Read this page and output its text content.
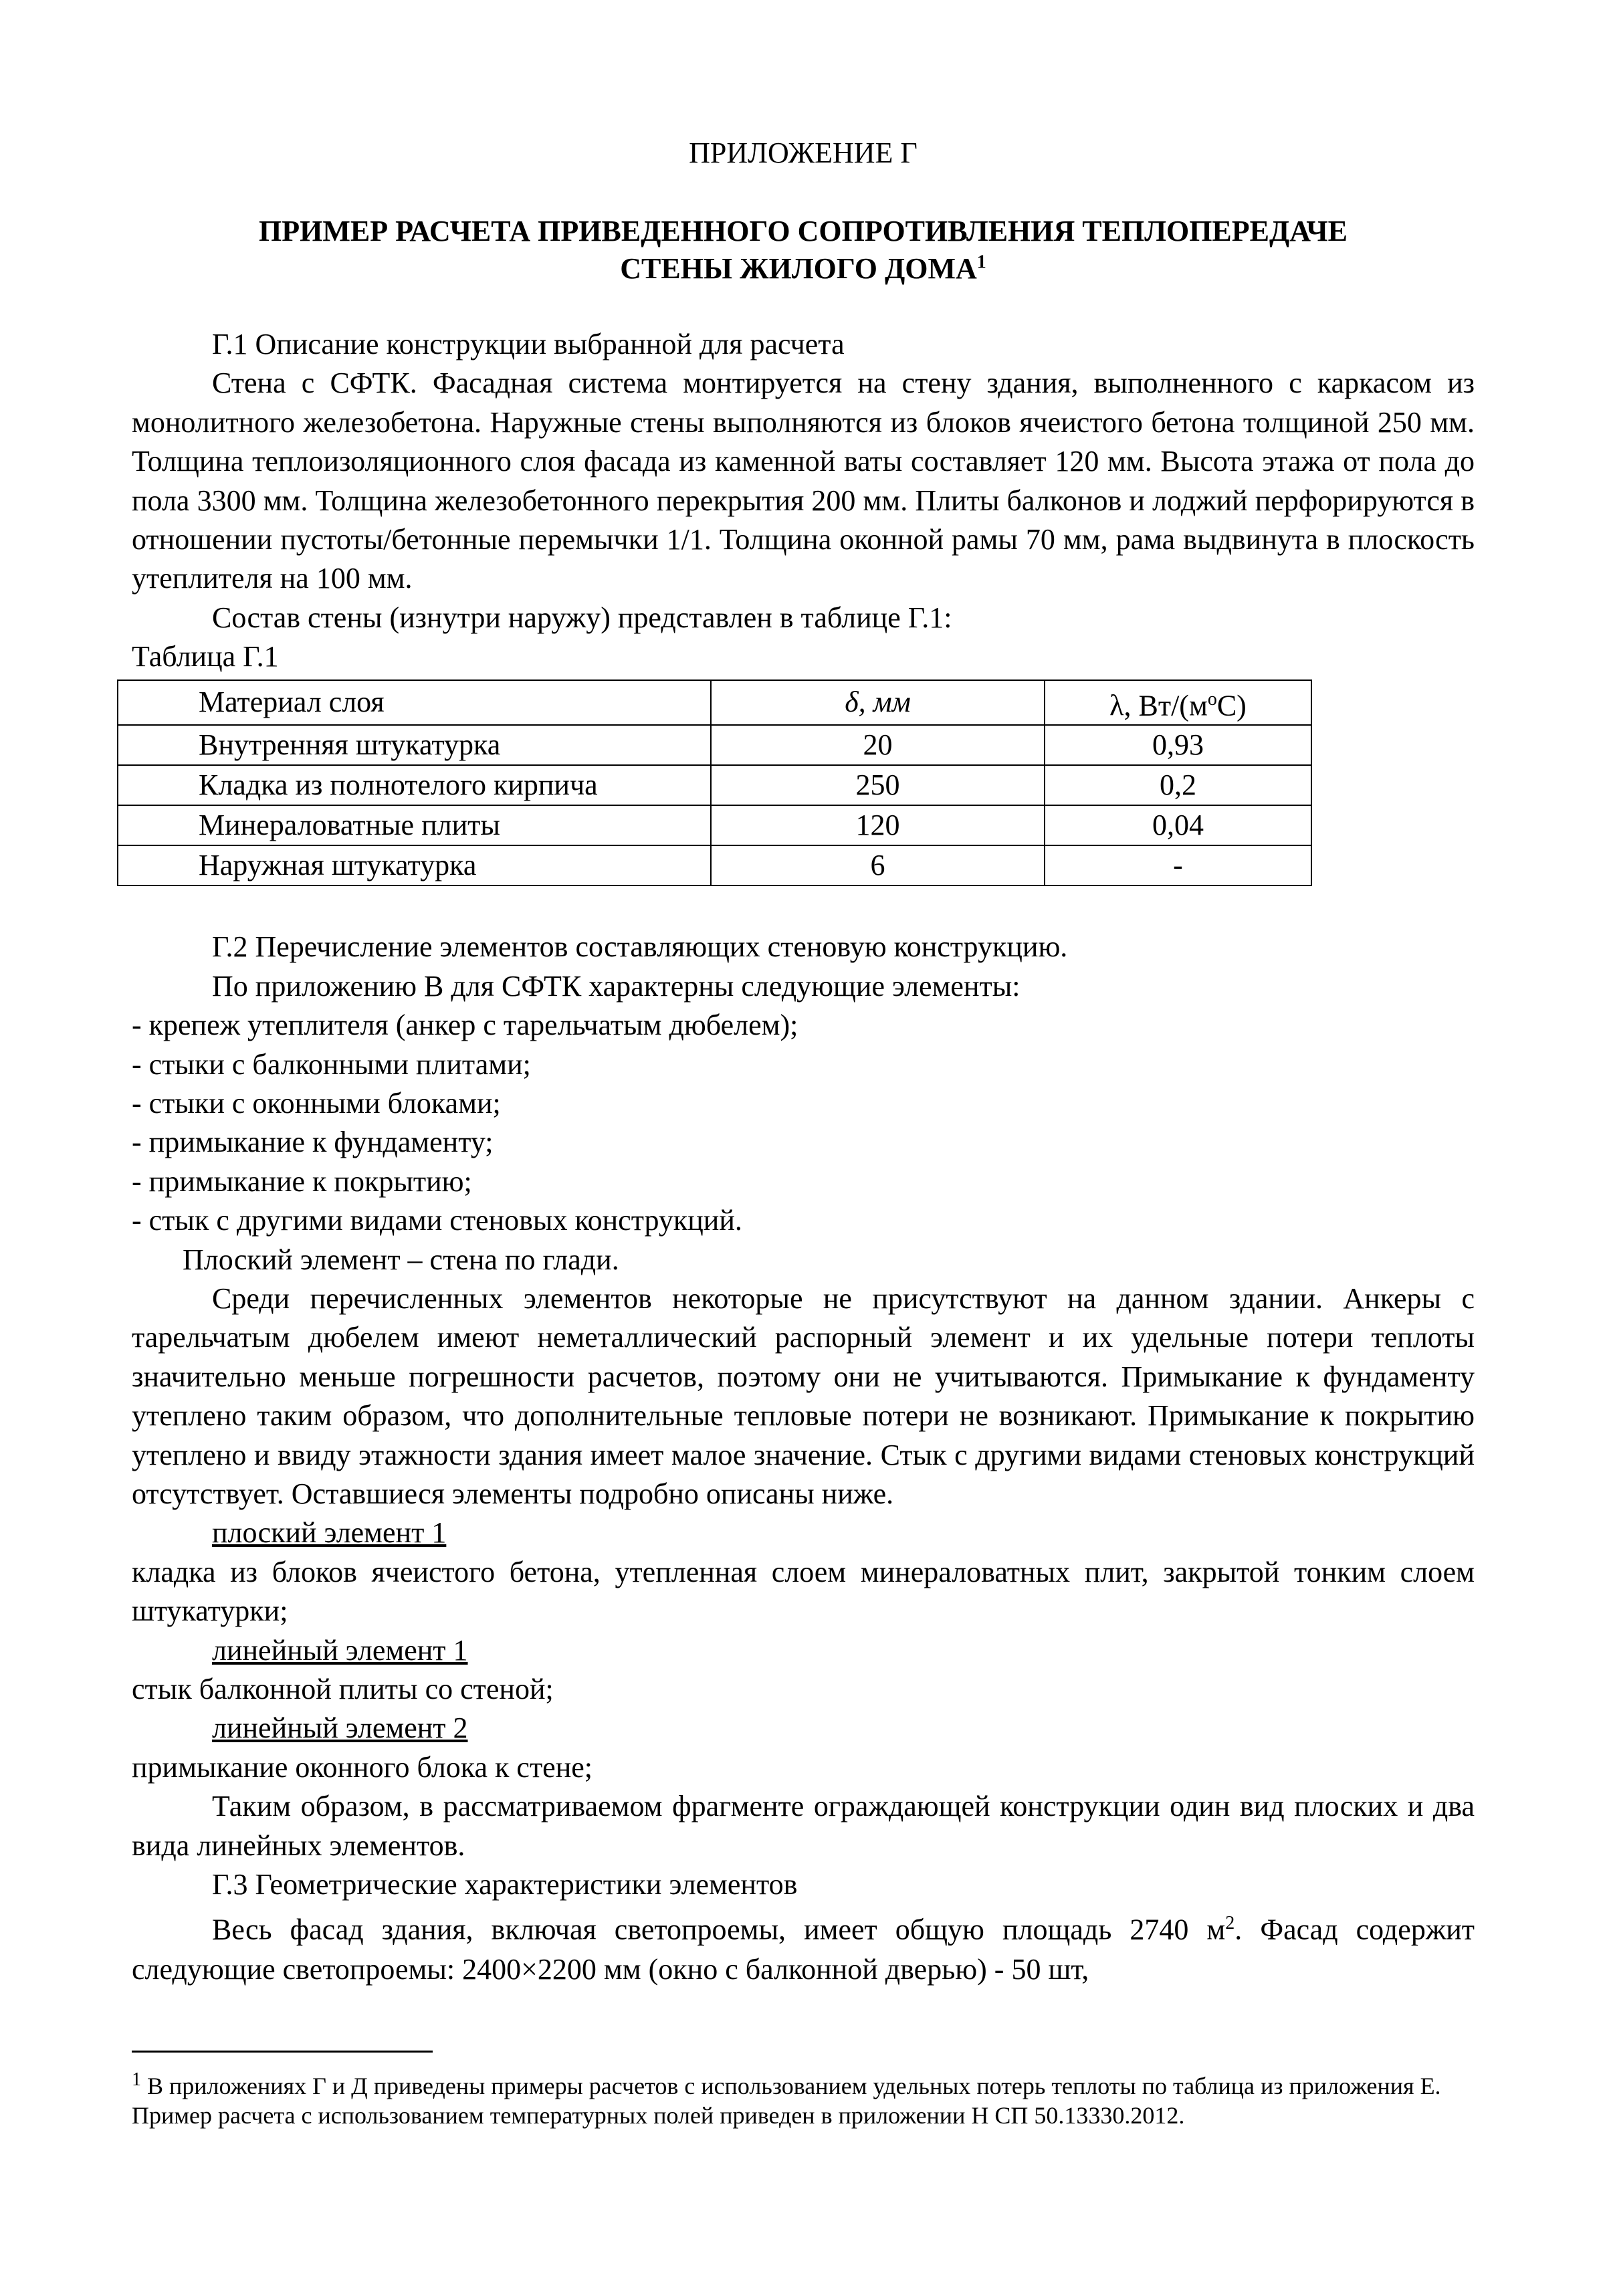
ПРИЛОЖЕНИЕ Г
ПРИМЕР РАСЧЕТА ПРИВЕДЕННОГО СОПРОТИВЛЕНИЯ ТЕПЛОПЕРЕДАЧЕ
СТЕНЫ ЖИЛОГО ДОМА$^1$

Г.1 Описание конструкции выбранной для расчета

Стена с СФТК. Фасадная система монтируется на стену здания, выполненного с каркасом из монолитного железобетона. Наружные стены выполняются из блоков ячеистого бетона толщиной 250 мм. Толщина теплоизоляционного слоя фасада из каменной ваты составляет 120 мм. Высота этажа от пола до пола 3300 мм. Толщина железобетонного перекрытия 200 мм. Плиты балконов и лоджий перфорируются в отношении пустоты/бетонные перемычки 1/1. Толщина оконной рамы 70 мм, рама выдвинута в плоскость утеплителя на 100 мм.

Состав стены (изнутри наружу) представлен в таблице Г.1:

Таблица Г.1

Материал слоя	δ, мм	λ, $Вт/(м^oС)$
Внутренняя штукатурка	20	0,93
Кладка из полнотелого кирпича	250	0,2
Минераловатные плиты	120	0,04
Наружная штукатурка	6	-

Г.2 Перечисление элементов составляющих стеновую конструкцию.

По приложению В для СФТК характерны следующие элементы:

- крепеж утеплителя (анкер с тарельчатым дюбелем);

- стыки с балконными плитами;

- стыки с оконными блоками;

- примыкание к фундаменту;

- примыкание к покрытию;

- стык с другими видами стеновых конструкций.

Плоский элемент – стена по глади.

Среди перечисленных элементов некоторые не присутствуют на данном здании. Анкеры с тарельчатым дюбелем имеют неметаллический распорный элемент и их удельные потери теплоты значительно меньше погрешности расчетов, поэтому они не учитываются. Примыкание к фундаменту утеплено таким образом, что дополнительные тепловые потери не возникают. Примыкание к покрытию утеплено и ввиду этажности здания имеет малое значение. Стык с другими видами стеновых конструкций отсутствует. Оставшиеся элементы подробно описаны ниже.

плоский элемент 1

кладка из блоков ячеистого бетона, утепленная слоем минераловатных плит, закрытой тонким слоем штукатурки;

линейный элемент 1

стык балконной плиты со стеной;

линейный элемент 2

примыкание оконного блока к стене;

Таким образом, в рассматриваемом фрагменте ограждающей конструкции один вид плоских и два вида линейных элементов.

Г.3 Геометрические характеристики элементов

Весь фасад здания, включая светопроемы, имеет общую площадь 2740 $м^2$. Фасад содержит следующие светопроемы: 2400×2200 мм (окно с балконной дверью) - 50 шт,

$^1$ В приложениях Г и Д приведены примеры расчетов с использованием удельных потерь теплоты по таблица из приложения Е. Пример расчета с использованием температурных полей приведен в приложении Н СП 50.13330.2012.
